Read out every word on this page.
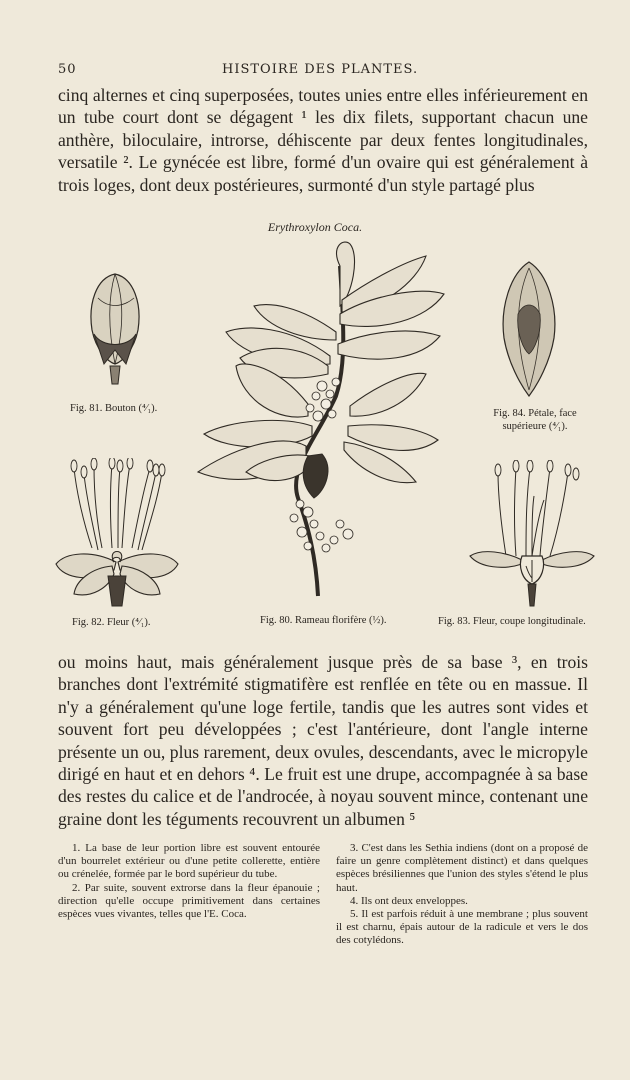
50	HISTOIRE DES PLANTES.

cinq alternes et cinq superposées, toutes unies entre elles inférieurement en un tube court dont se dégagent ¹ les dix filets, supportant chacun une anthère, biloculaire, introrse, déhiscente par deux fentes longitudinales, versatile ². Le gynécée est libre, formé d'un ovaire qui est généralement à trois loges, dont deux postérieures, surmonté d'un style partagé plus

Erythroxylon Coca.
Fig. 81. Bouton (⁴⁄₁).	Fig. 84. Pétale, face supérieure (⁴⁄₁).
Fig. 80. Rameau florifère (½).
Fig. 82. Fleur (⁴⁄₁).	Fig. 83. Fleur, coupe longitudinale.

ou moins haut, mais généralement jusque près de sa base ³, en trois branches dont l'extrémité stigmatifère est renflée en tête ou en massue. Il n'y a généralement qu'une loge fertile, tandis que les autres sont vides et souvent fort peu développées ; c'est l'antérieure, dont l'angle interne présente un ou, plus rarement, deux ovules, descendants, avec le micropyle dirigé en haut et en dehors ⁴. Le fruit est une drupe, accompagnée à sa base des restes du calice et de l'androcée, à noyau souvent mince, contenant une graine dont les téguments recouvrent un albumen ⁵

1. La base de leur portion libre est souvent entourée d'un bourrelet extérieur ou d'une petite collerette, entière ou crénelée, formée par le bord supérieur du tube.

2. Par suite, souvent extrorse dans la fleur épanouie ; direction qu'elle occupe primitivement dans certaines espèces vues vivantes, telles que l'E. Coca.

3. C'est dans les Sethia indiens (dont on a proposé de faire un genre complètement distinct) et dans quelques espèces brésiliennes que l'union des styles s'étend le plus haut.

4. Ils ont deux enveloppes.

5. Il est parfois réduit à une membrane ; plus souvent il est charnu, épais autour de la radicule et vers le dos des cotylédons.
